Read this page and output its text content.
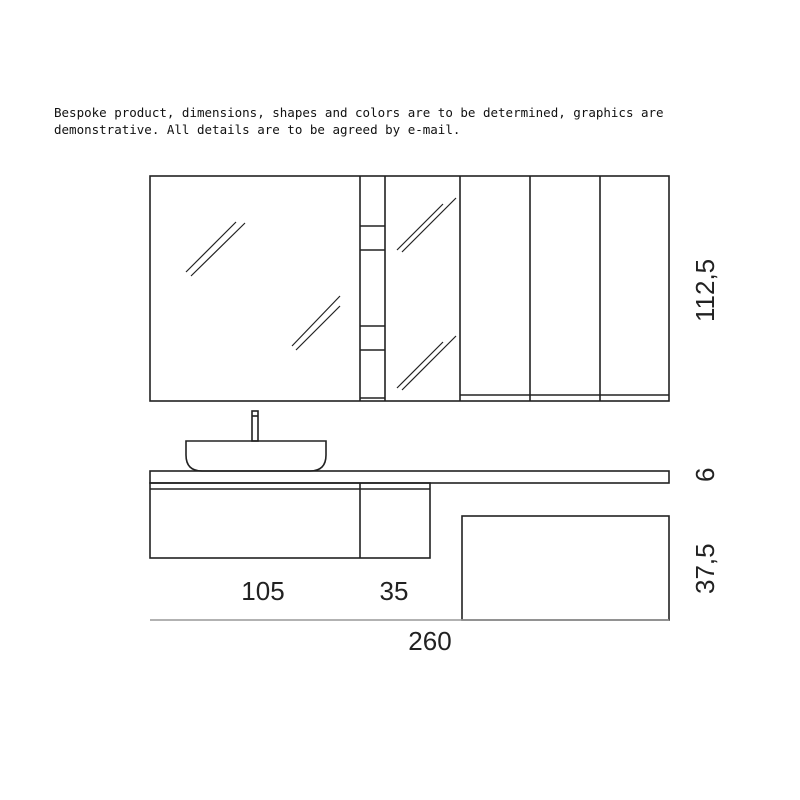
Bespoke product, dimensions, shapes and colors are to be determined, graphics are
demonstrative. All details are to be agreed by e-mail.
112,5
6
37,5
105	35
260
